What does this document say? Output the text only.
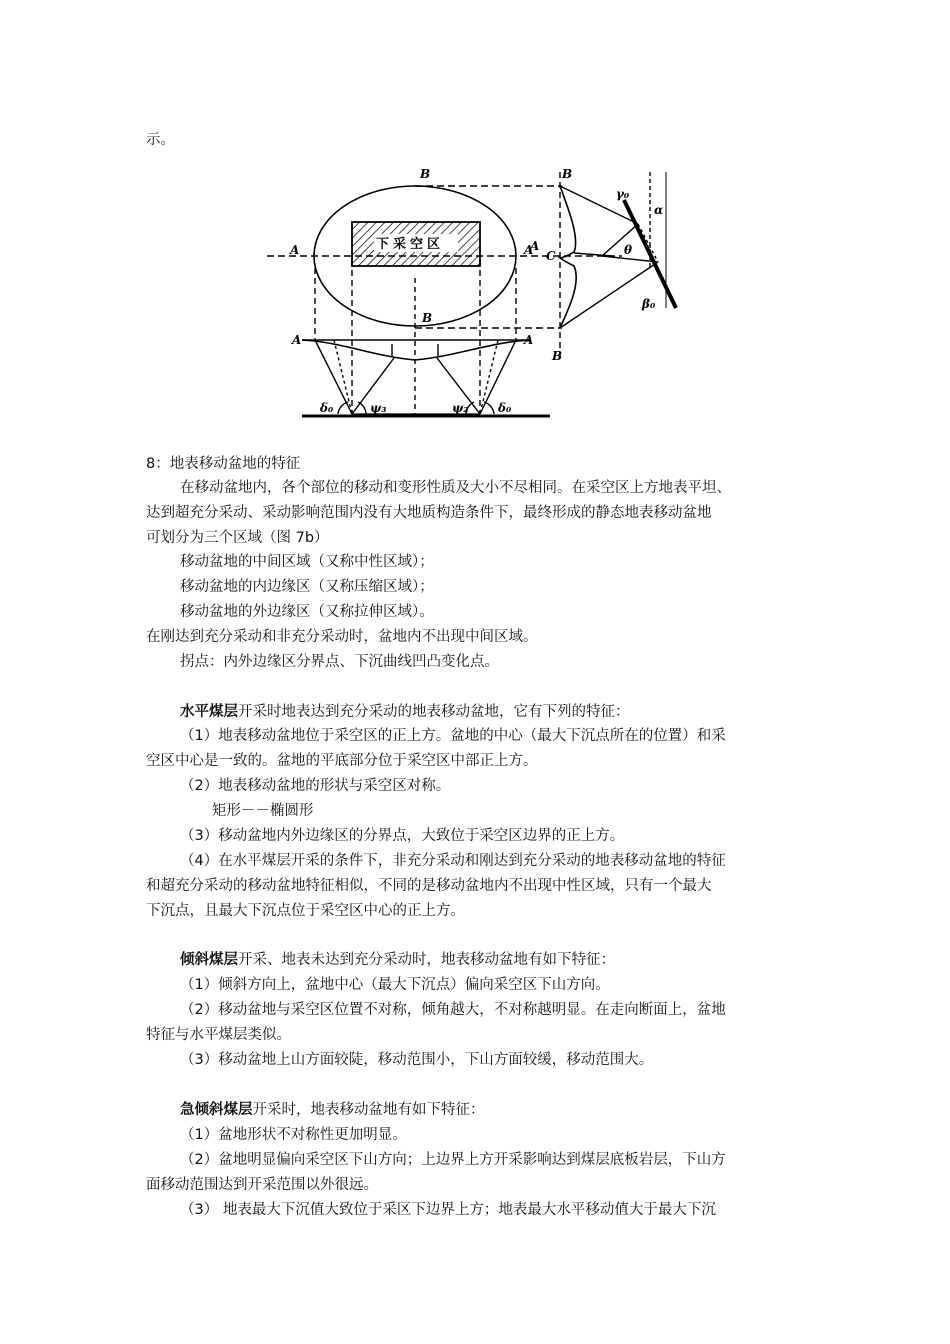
示。
下采空区
B
A	A
B
A	A
B
C
A
B
δ₀	ψ₃	ψ₂ δ₀
γ₀
α
θ
β₀
8：地表移动盆地的特征
在移动盆地内，各个部位的移动和变形性质及大小不尽相同。在采空区上方地表平坦、
达到超充分采动、采动影响范围内没有大地质构造条件下，最终形成的静态地表移动盆地
可划分为三个区域（图 7b）
移动盆地的中间区域（又称中性区域）；
移动盆地的内边缘区（又称压缩区域）；
移动盆地的外边缘区（又称拉伸区域）。
在刚达到充分采动和非充分采动时，盆地内不出现中间区域。
拐点：内外边缘区分界点、下沉曲线凹凸变化点。
水平煤层开采时地表达到充分采动的地表移动盆地，它有下列的特征：
（1）地表移动盆地位于采空区的正上方。盆地的中心（最大下沉点所在的位置）和采
空区中心是一致的。盆地的平底部分位于采空区中部正上方。
（2）地表移动盆地的形状与采空区对称。
矩形－－椭圆形
（3）移动盆地内外边缘区的分界点，大致位于采空区边界的正上方。
（4）在水平煤层开采的条件下，非充分采动和刚达到充分采动的地表移动盆地的特征
和超充分采动的移动盆地特征相似，不同的是移动盆地内不出现中性区域，只有一个最大
下沉点，且最大下沉点位于采空区中心的正上方。
倾斜煤层开采、地表未达到充分采动时，地表移动盆地有如下特征：
（1）倾斜方向上，盆地中心（最大下沉点）偏向采空区下山方向。
（2）移动盆地与采空区位置不对称，倾角越大，不对称越明显。在走向断面上，盆地
特征与水平煤层类似。
（3）移动盆地上山方面较陡，移动范围小，下山方面较缓，移动范围大。
急倾斜煤层开采时，地表移动盆地有如下特征：
（1）盆地形状不对称性更加明显。
（2）盆地明显偏向采空区下山方向；上边界上方开采影响达到煤层底板岩层，下山方
面移动范围达到开采范围以外很远。
（3） 地表最大下沉值大致位于采区下边界上方；地表最大水平移动值大于最大下沉
